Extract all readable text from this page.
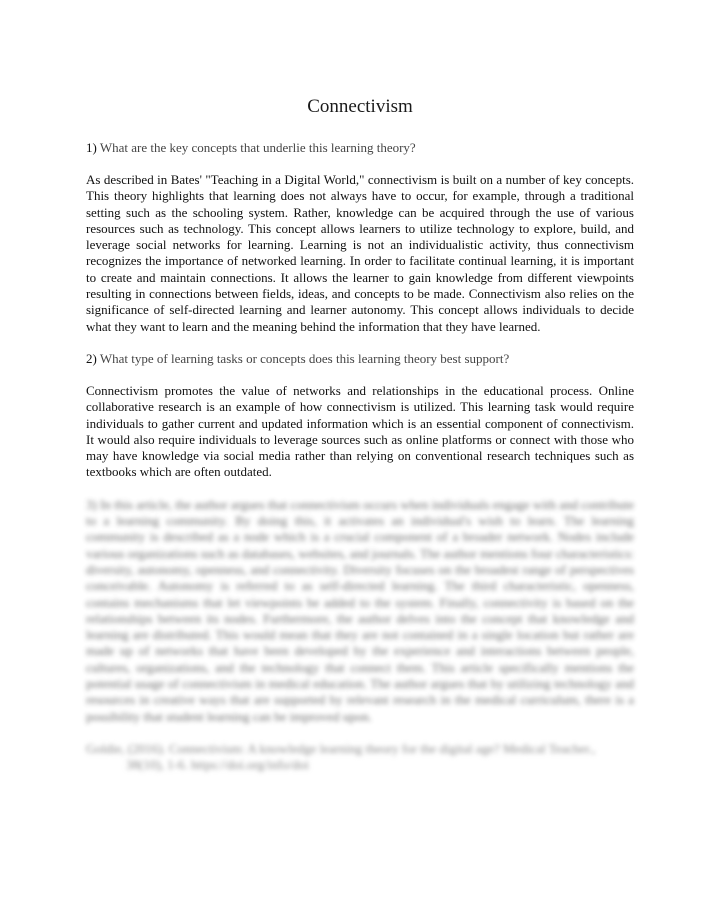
Connectivism

1) What are the key concepts that underlie this learning theory?

As described in Bates' "Teaching in a Digital World," connectivism is built on a number of key concepts. This theory highlights that learning does not always have to occur, for example, through a traditional setting such as the schooling system. Rather, knowledge can be acquired through the use of various resources such as technology. This concept allows learners to utilize technology to explore, build, and leverage social networks for learning. Learning is not an individualistic activity, thus connectivism recognizes the importance of networked learning. In order to facilitate continual learning, it is important to create and maintain connections. It allows the learner to gain knowledge from different viewpoints resulting in connections between fields, ideas, and concepts to be made. Connectivism also relies on the significance of self-directed learning and learner autonomy. This concept allows individuals to decide what they want to learn and the meaning behind the information that they have learned.

2) What type of learning tasks or concepts does this learning theory best support?

Connectivism promotes the value of networks and relationships in the educational process. Online collaborative research is an example of how connectivism is utilized. This learning task would require individuals to gather current and updated information which is an essential component of connectivism. It would also require individuals to leverage sources such as online platforms or connect with those who may have knowledge via social media rather than relying on conventional research techniques such as textbooks which are often outdated.

3) In this article, the author argues that connectivism occurs when individuals engage with and contribute to a learning community. By doing this, it activates an individual's wish to learn. The learning community is described as a node which is a crucial component of a broader network. Nodes include various organizations such as databases, websites, and journals. The author mentions four characteristics: diversity, autonomy, openness, and connectivity. Diversity focuses on the broadest range of perspectives conceivable. Autonomy is referred to as self-directed learning. The third characteristic, openness, contains mechanisms that let viewpoints be added to the system. Finally, connectivity is based on the relationships between its nodes. Furthermore, the author delves into the concept that knowledge and learning are distributed. This would mean that they are not contained in a single location but rather are made up of networks that have been developed by the experience and interactions between people, cultures, organizations, and the technology that connect them. This article specifically mentions the potential usage of connectivism in medical education. The author argues that by utilizing technology and resources in creative ways that are supported by relevant research in the medical curriculum, there is a possibility that student learning can be improved upon.

Goldie, (2016). Connectivism: A knowledge learning theory for the digital age? Medical Teacher., 38(10), 1-6. https://doi.org/info/doi
